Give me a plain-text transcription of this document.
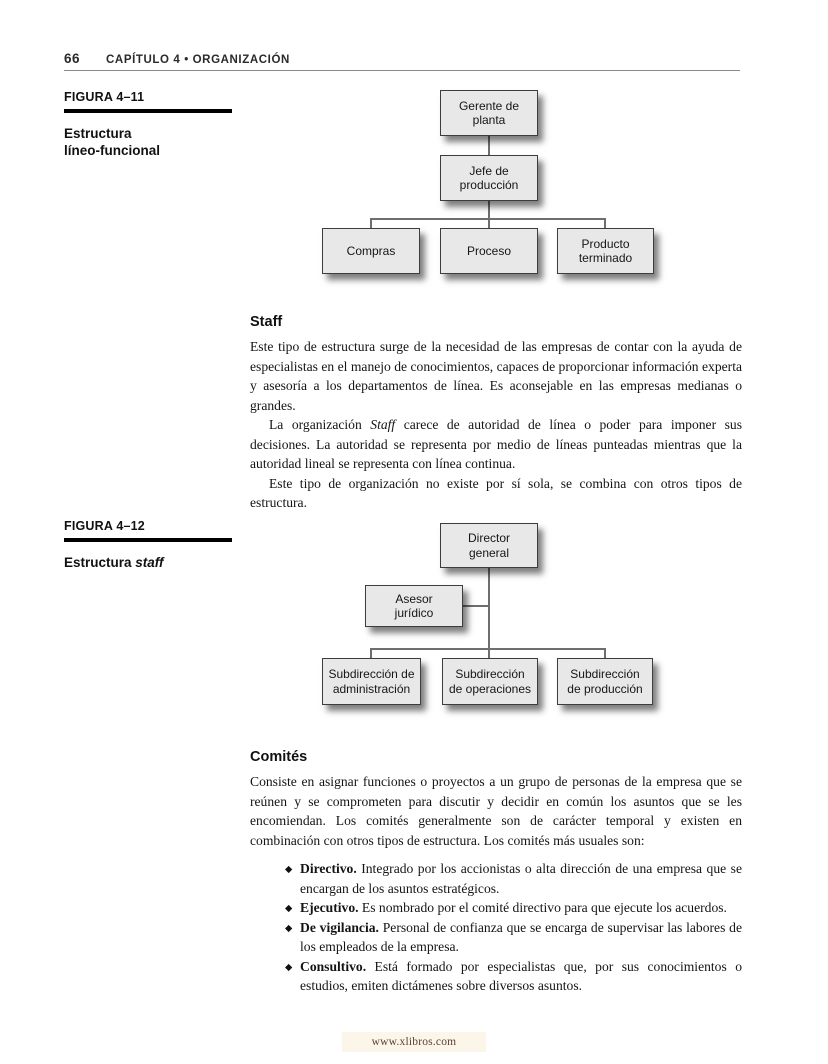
66 CAPÍTULO 4 • ORGANIZACIÓN
FIGURA 4–11
Estructura
líneo-funcional
Gerente de
planta
Jefe de
producción
Compras	Proceso
Producto
terminado
Staff

Este tipo de estructura surge de la necesidad de las empresas de contar con la ayuda de especialistas en el manejo de conocimientos, capaces de proporcionar información experta y asesoría a los departamentos de línea. Es aconsejable en las empresas medianas o grandes.

La organización Staff carece de autoridad de línea o poder para imponer sus decisiones. La autoridad se representa por medio de líneas punteadas mientras que la autoridad lineal se representa con línea continua.

Este tipo de organización no existe por sí sola, se combina con otros tipos de estructura.

FIGURA 4–12
Estructura staff
Director
general
Asesor
jurídico
Subdirección de
administración
Subdirección
de operaciones
Subdirección
de producción
Comités

Consiste en asignar funciones o proyectos a un grupo de personas de la empresa que se reúnen y se comprometen para discutir y decidir en común los asuntos que se les encomiendan. Los comités generalmente son de carácter temporal y existen en combinación con otros tipos de estructura. Los comités más usuales son:

◆ Directivo. Integrado por los accionistas o alta dirección de una empresa que se encargan de los asuntos estratégicos.
◆ Ejecutivo. Es nombrado por el comité directivo para que ejecute los acuerdos.
◆ De vigilancia. Personal de confianza que se encarga de supervisar las labores de los empleados de la empresa.
◆ Consultivo. Está formado por especialistas que, por sus conocimientos o estudios, emiten dictámenes sobre diversos asuntos.
www.xlibros.com
